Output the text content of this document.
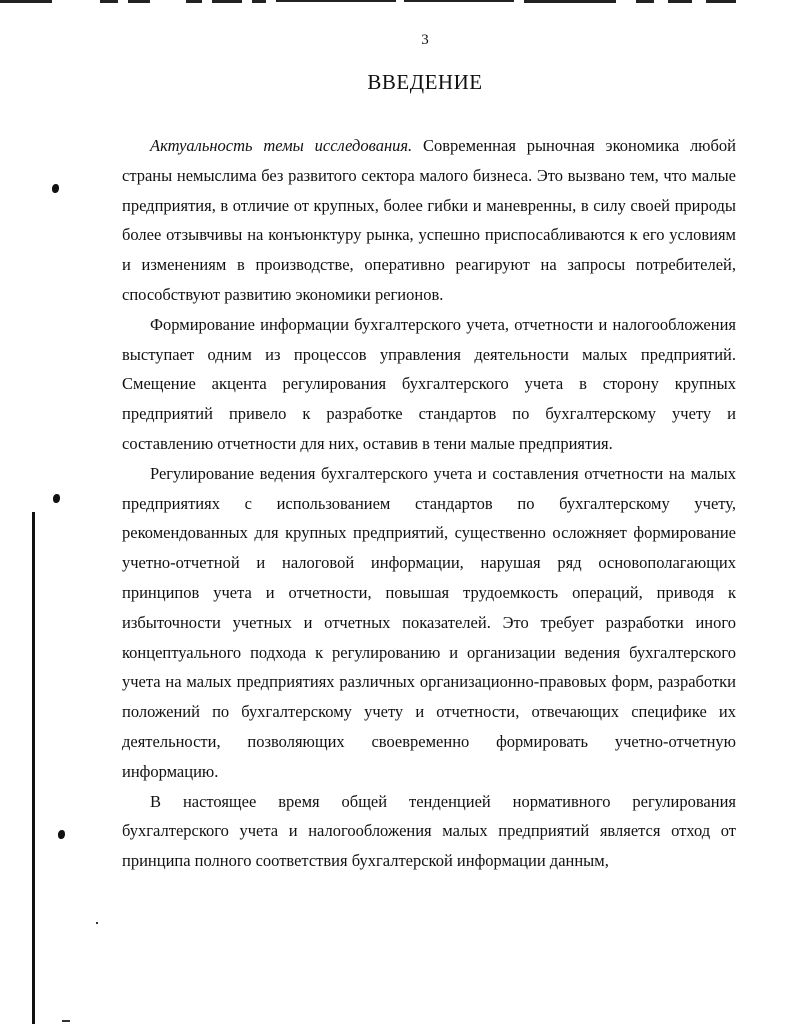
3
ВВЕДЕНИЕ

Актуальность темы исследования. Современная рыночная экономика любой страны немыслима без развитого сектора малого бизнеса. Это вызвано тем, что малые предприятия, в отличие от крупных, более гибки и маневренны, в силу своей природы более отзывчивы на конъюнктуру рынка, успешно приспосабливаются к его условиям и изменениям в производстве, оперативно реагируют на запросы потребителей, способствуют развитию экономики регионов.

Формирование информации бухгалтерского учета, отчетности и налогообложения выступает одним из процессов управления деятельности малых предприятий. Смещение акцента регулирования бухгалтерского учета в сторону крупных предприятий привело к разработке стандартов по бухгалтерскому учету и составлению отчетности для них, оставив в тени малые предприятия.

Регулирование ведения бухгалтерского учета и составления отчетности на малых предприятиях с использованием стандартов по бухгалтерскому учету, рекомендованных для крупных предприятий, существенно осложняет формирование учетно-отчетной и налоговой информации, нарушая ряд основополагающих принципов учета и отчетности, повышая трудоемкость операций, приводя к избыточности учетных и отчетных показателей. Это требует разработки иного концептуального подхода к регулированию и организации ведения бухгалтерского учета на малых предприятиях различных организационно-правовых форм, разработки положений по бухгалтерскому учету и отчетности, отвечающих специфике их деятельности, позволяющих своевременно формировать учетно-отчетную информацию.

В настоящее время общей тенденцией нормативного регулирования бухгалтерского учета и налогообложения малых предприятий является отход от принципа полного соответствия бухгалтерской информации данным,
